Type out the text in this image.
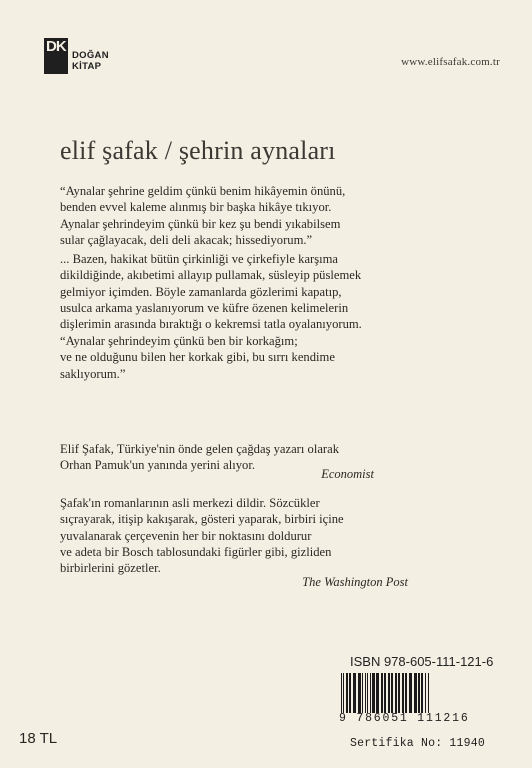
DK
DOĞAN
KİTAP	www.elifsafak.com.tr
elif şafak / şehrin aynaları

“Aynalar şehrine geldim çünkü benim hikâyemin önünü,

benden evvel kaleme alınmış bir başka hikâye tıkıyor.

Aynalar şehrindeyim çünkü bir kez şu bendi yıkabilsem

sular çağlayacak, deli deli akacak; hissediyorum.”

... Bazen, hakikat bütün çirkinliği ve çirkefiyle karşıma

dikildiğinde, akıbetimi allayıp pullamak, süsleyip püslemek

gelmiyor içimden. Böyle zamanlarda gözlerimi kapatıp,

usulca arkama yaslanıyorum ve küfre özenen kelimelerin

dişlerimin arasında bıraktığı o kekremsi tatla oyalanıyorum.

“Aynalar şehrindeyim çünkü ben bir korkağım;

ve ne olduğunu bilen her korkak gibi, bu sırrı kendime

saklıyorum.”

Elif Şafak, Türkiye'nin önde gelen çağdaş yazarı olarak

Orhan Pamuk'un yanında yerini alıyor.

Economist

Şafak'ın romanlarının asli merkezi dildir. Sözcükler

sıçrayarak, itişip kakışarak, gösteri yaparak, birbiri içine

yuvalanarak çerçevenin her bir noktasını doldurur

ve adeta bir Bosch tablosundaki figürler gibi, gizliden

birbirlerini gözetler.

The Washington Post
ISBN 978-605-111-121-6
9 786051 111216
Sertifika No: 11940
18 TL
